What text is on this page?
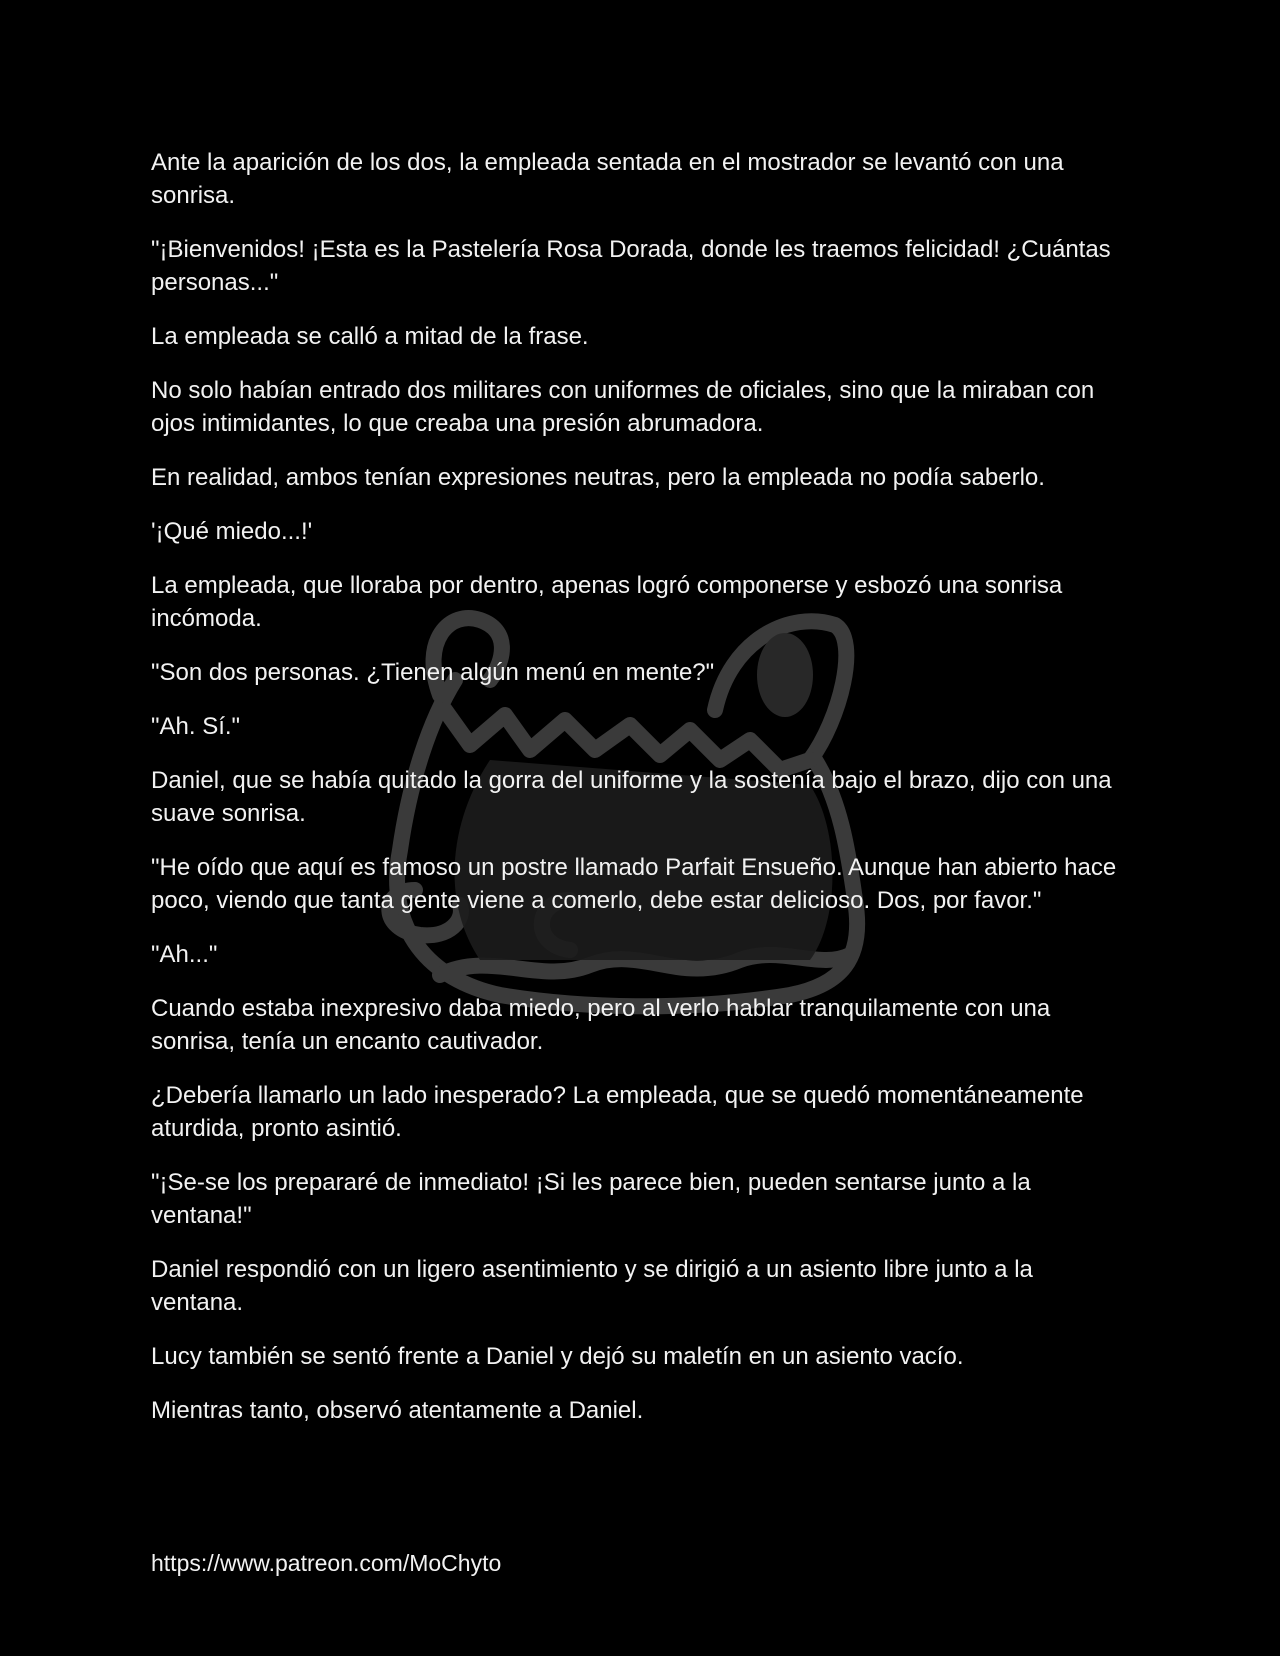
Ante la aparición de los dos, la empleada sentada en el mostrador se levantó con una sonrisa.

"¡Bienvenidos! ¡Esta es la Pastelería Rosa Dorada, donde les traemos felicidad! ¿Cuántas personas..."

La empleada se calló a mitad de la frase.

No solo habían entrado dos militares con uniformes de oficiales, sino que la miraban con ojos intimidantes, lo que creaba una presión abrumadora.

En realidad, ambos tenían expresiones neutras, pero la empleada no podía saberlo.

'¡Qué miedo...!'

La empleada, que lloraba por dentro, apenas logró componerse y esbozó una sonrisa incómoda.

"Son dos personas. ¿Tienen algún menú en mente?"

"Ah. Sí."

Daniel, que se había quitado la gorra del uniforme y la sostenía bajo el brazo, dijo con una suave sonrisa.

"He oído que aquí es famoso un postre llamado Parfait Ensueño. Aunque han abierto hace poco, viendo que tanta gente viene a comerlo, debe estar delicioso. Dos, por favor."

"Ah..."

Cuando estaba inexpresivo daba miedo, pero al verlo hablar tranquilamente con una sonrisa, tenía un encanto cautivador.

¿Debería llamarlo un lado inesperado? La empleada, que se quedó momentáneamente aturdida, pronto asintió.

"¡Se-se los prepararé de inmediato! ¡Si les parece bien, pueden sentarse junto a la ventana!"

Daniel respondió con un ligero asentimiento y se dirigió a un asiento libre junto a la ventana.

Lucy también se sentó frente a Daniel y dejó su maletín en un asiento vacío.

Mientras tanto, observó atentamente a Daniel.

https://www.patreon.com/MoChyto
